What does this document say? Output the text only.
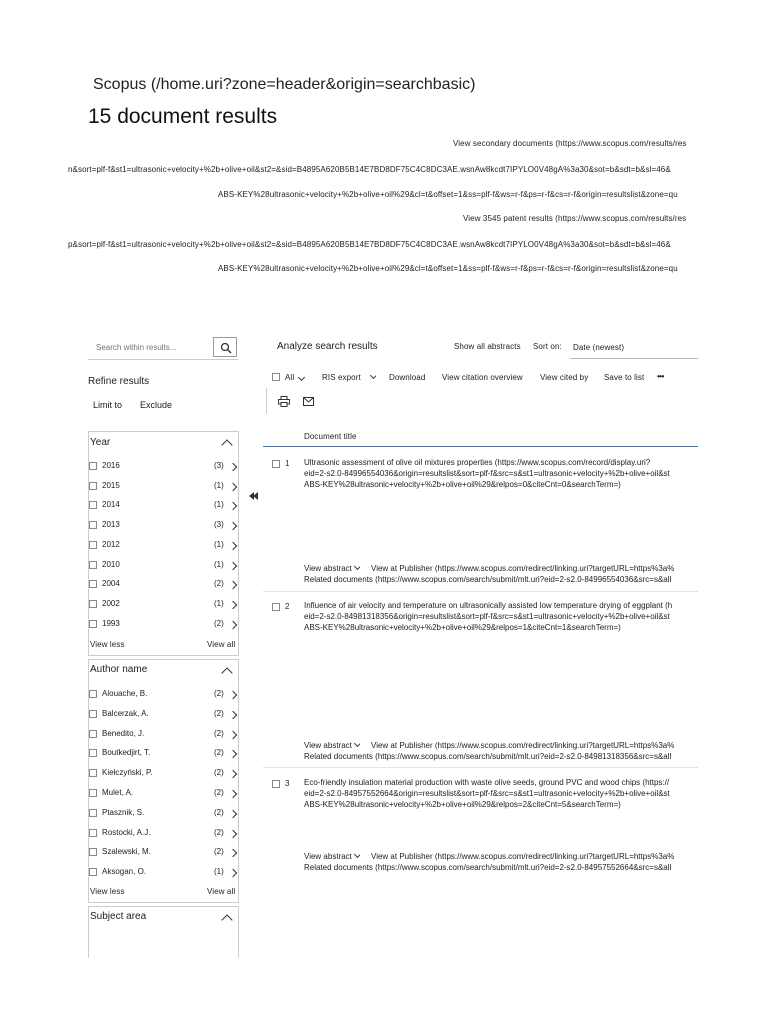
Scopus (/home.uri?zone=header&origin=searchbasic)
15 document results
View secondary documents (https://www.scopus.com/results/res
n&sort=plf-f&st1=ultrasonic+velocity+%2b+olive+oil&st2=&sid=B4895A620B5B14E7BD8DF75C4C8DC3AE.wsnAw8kcdt7IPYLO0V48gA%3a30&sot=b&sdt=b&sl=46&
ABS-KEY%28ultrasonic+velocity+%2b+olive+oil%29&cl=t&offset=1&ss=plf-f&ws=r-f&ps=r-f&cs=r-f&origin=resultslist&zone=qu
View 3545 patent results (https://www.scopus.com/results/res
p&sort=plf-f&st1=ultrasonic+velocity+%2b+olive+oil&st2=&sid=B4895A620B5B14E7BD8DF75C4C8DC3AE.wsnAw8kcdt7IPYLO0V48gA%3a30&sot=b&sdt=b&sl=46&
ABS-KEY%28ultrasonic+velocity+%2b+olive+oil%29&cl=t&offset=1&ss=plf-f&ws=r-f&ps=r-f&cs=r-f&origin=resultslist&zone=qu
Search within results...
Refine results
Limit to Exclude
Year
2016	(3)
2015	(1)
2014	(1)
2013	(3)
2012	(1)
2010	(1)
2004	(2)
2002	(1)
1993	(2)
View less	View all
Author name
Alouache, B.	(2)
Balcerzak, A.	(2)
Benedito, J.	(2)
Boutkedjirt, T.	(2)
Kiełczyński, P.	(2)
Mulet, A.	(2)
Ptasznik, S.	(2)
Rostocki, A.J.	(2)
Szalewski, M.	(2)
Aksogan, O.	(1)
View less	View all
Subject area
Analyze search results	Show all abstracts Sort on: Date (newest)
All	RIS export	Download View citation overview View cited by Save to list •••
Document title
1 Ultrasonic assessment of olive oil mixtures properties (https://www.scopus.com/record/display.uri?
eid=2-s2.0-84996554036&origin=resultslist&sort=plf-f&src=s&st1=ultrasonic+velocity+%2b+olive+oil&st
ABS-KEY%28ultrasonic+velocity+%2b+olive+oil%29&relpos=0&citeCnt=0&searchTerm=)
View abstract	View at Publisher (https://www.scopus.com/redirect/linking.uri?targetURL=https%3a%
Related documents (https://www.scopus.com/search/submit/mlt.uri?eid=2-s2.0-84996554036&src=s&all
2 Influence of air velocity and temperature on ultrasonically assisted low temperature drying of eggplant (h
eid=2-s2.0-84981318356&origin=resultslist&sort=plf-f&src=s&st1=ultrasonic+velocity+%2b+olive+oil&st
ABS-KEY%28ultrasonic+velocity+%2b+olive+oil%29&relpos=1&citeCnt=1&searchTerm=)
View abstract	View at Publisher (https://www.scopus.com/redirect/linking.uri?targetURL=https%3a%
Related documents (https://www.scopus.com/search/submit/mlt.uri?eid=2-s2.0-84981318356&src=s&all
3 Eco-friendly insulation material production with waste olive seeds, ground PVC and wood chips (https://
eid=2-s2.0-84957552664&origin=resultslist&sort=plf-f&src=s&st1=ultrasonic+velocity+%2b+olive+oil&st
ABS-KEY%28ultrasonic+velocity+%2b+olive+oil%29&relpos=2&citeCnt=5&searchTerm=)
View abstract	View at Publisher (https://www.scopus.com/redirect/linking.uri?targetURL=https%3a%
Related documents (https://www.scopus.com/search/submit/mlt.uri?eid=2-s2.0-84957552664&src=s&all
